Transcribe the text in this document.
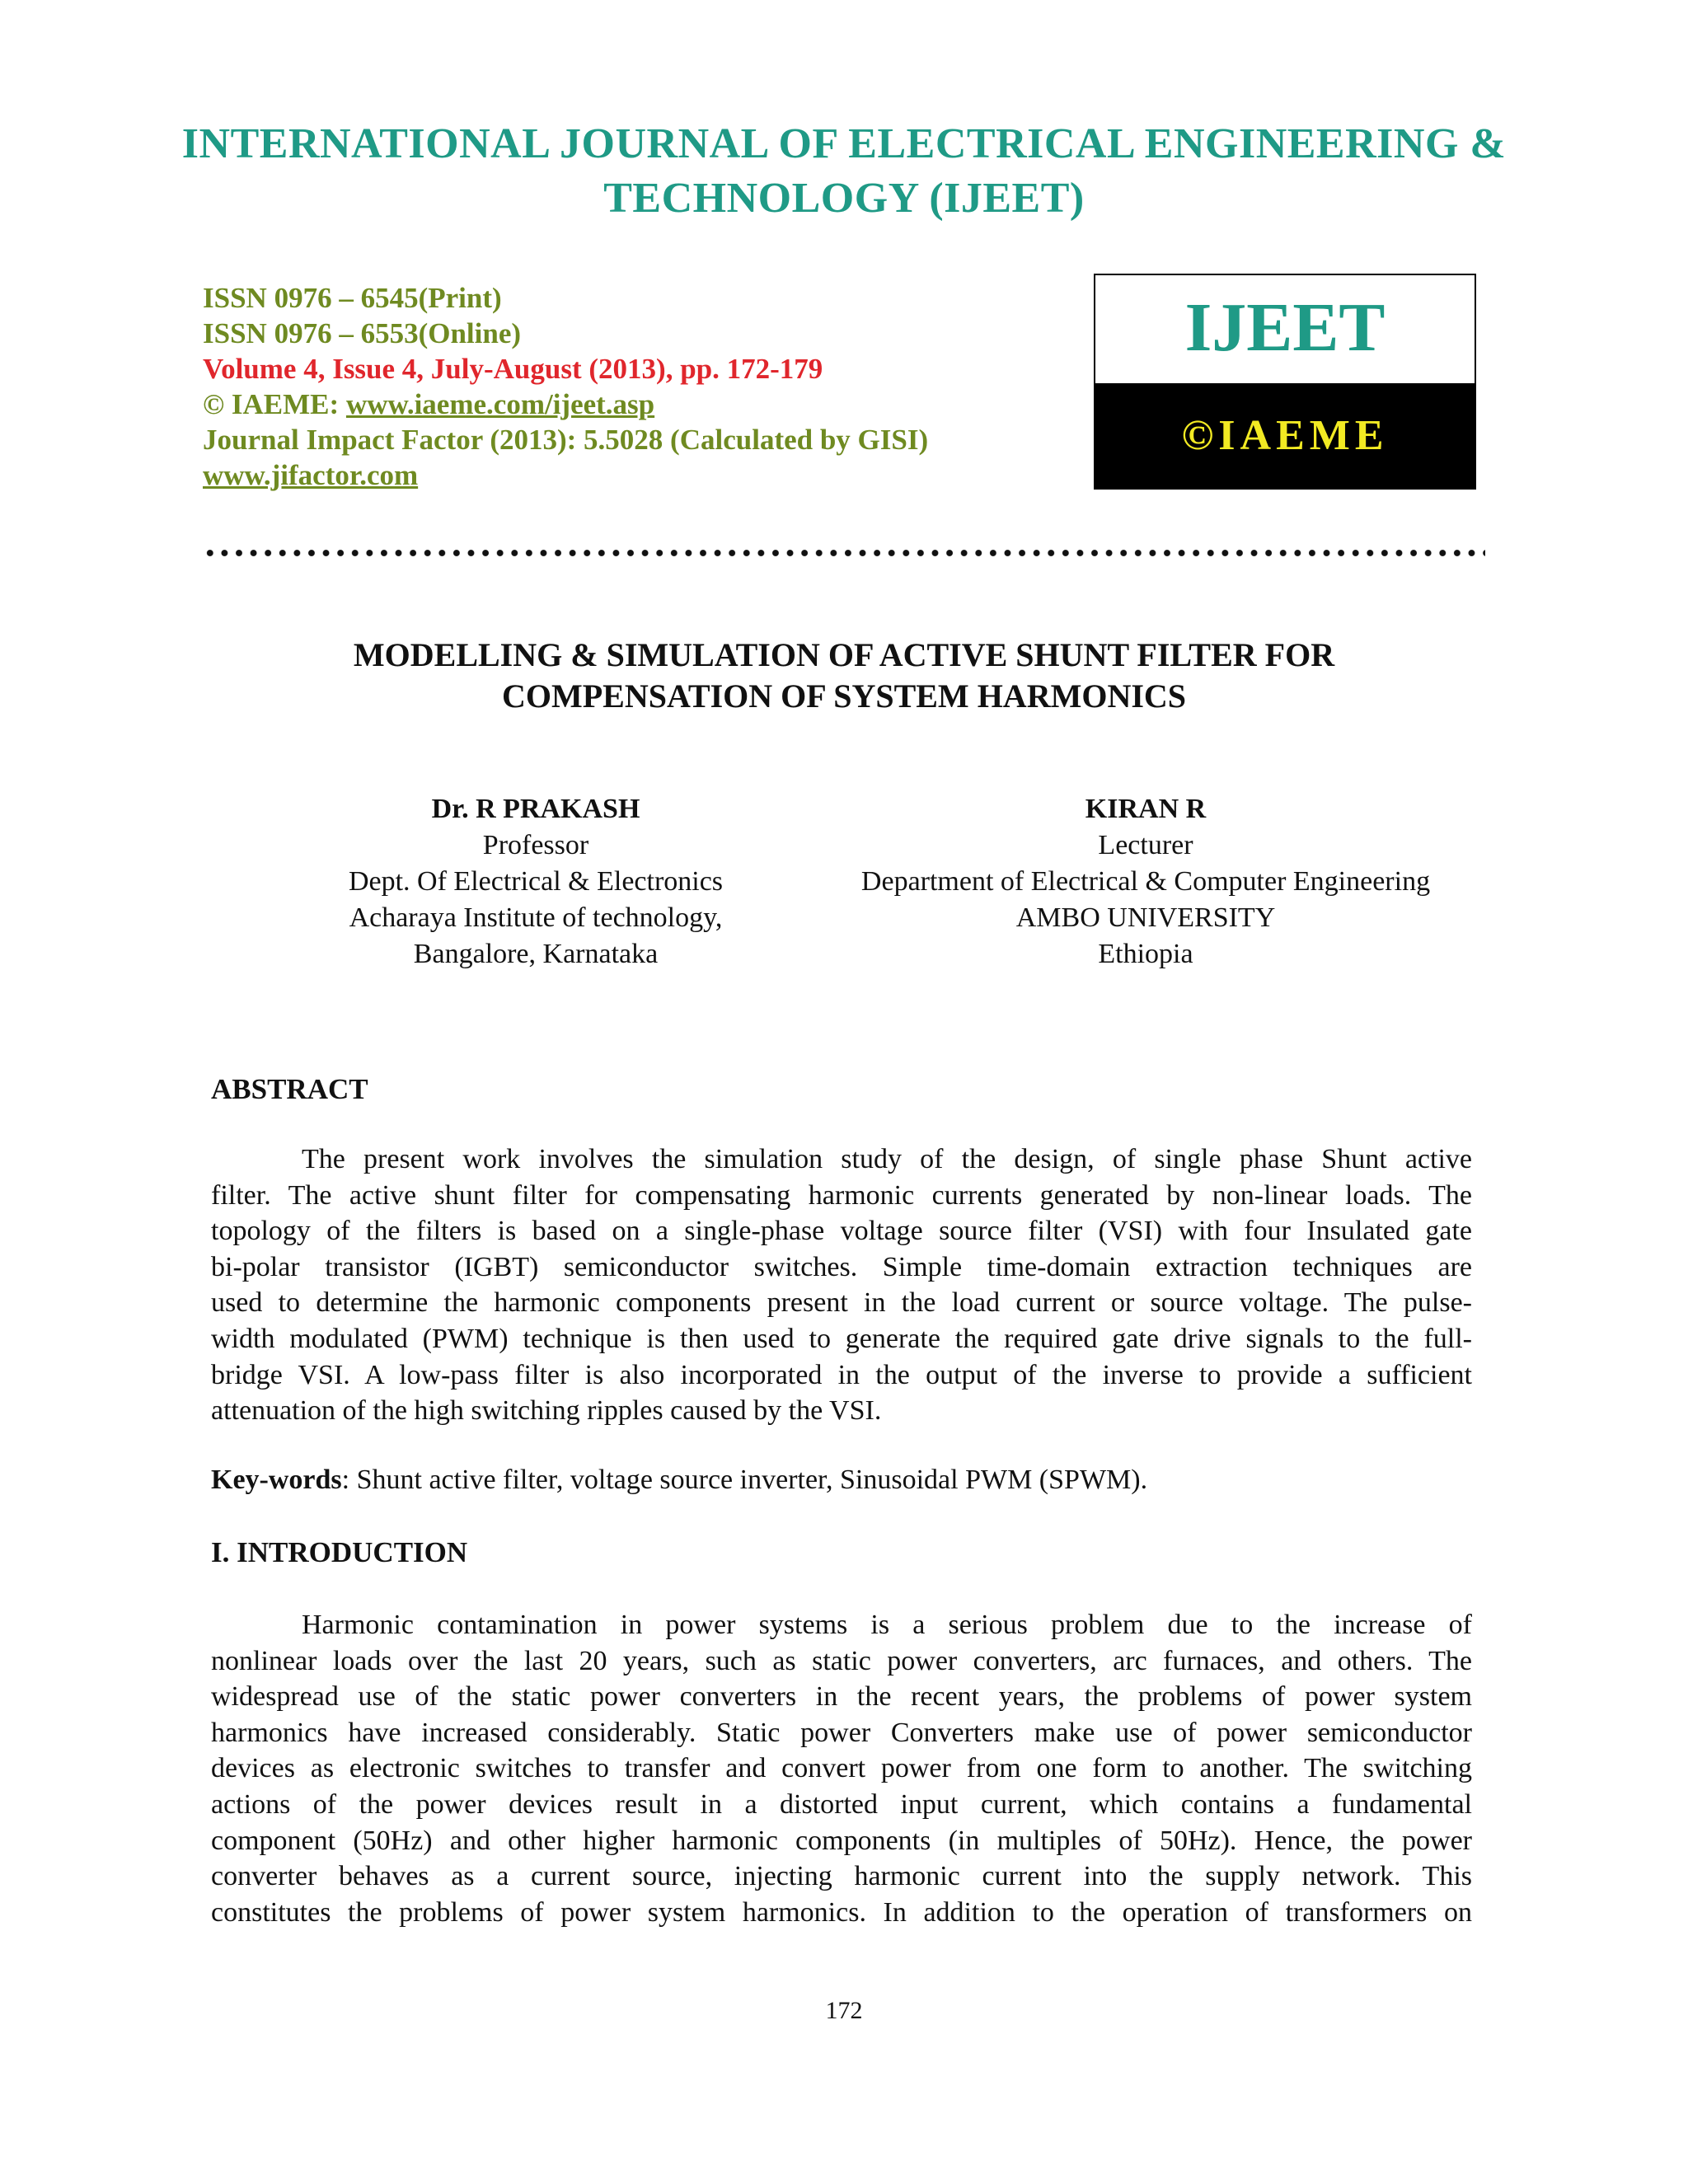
INTERNATIONAL JOURNAL OF ELECTRICAL ENGINEERING &
TECHNOLOGY (IJEET)
ISSN 0976 – 6545(Print)
ISSN 0976 – 6553(Online)
Volume 4, Issue 4, July-August (2013), pp. 172-179
© IAEME: www.iaeme.com/ijeet.asp
Journal Impact Factor (2013): 5.5028 (Calculated by GISI)
www.jifactor.com
IJEET
©IAEME
MODELLING & SIMULATION OF ACTIVE SHUNT FILTER FOR
COMPENSATION OF SYSTEM HARMONICS
Dr. R PRAKASH
Professor
Dept. Of Electrical & Electronics
Acharaya Institute of technology,
Bangalore, Karnataka
KIRAN R
Lecturer
Department of Electrical & Computer Engineering
AMBO UNIVERSITY
Ethiopia
ABSTRACT
The present work involves the simulation study of the design, of single phase Shunt active
filter. The active shunt filter for compensating harmonic currents generated by non-linear loads. The
topology of the filters is based on a single-phase voltage source filter (VSI) with four Insulated gate
bi-polar transistor (IGBT) semiconductor switches. Simple time-domain extraction techniques are
used to determine the harmonic components present in the load current or source voltage. The pulse-
width modulated (PWM) technique is then used to generate the required gate drive signals to the full-
bridge VSI. A low-pass filter is also incorporated in the output of the inverse to provide a sufficient
attenuation of the high switching ripples caused by the VSI.
Key-words: Shunt active filter, voltage source inverter, Sinusoidal PWM (SPWM).
I. INTRODUCTION
Harmonic contamination in power systems is a serious problem due to the increase of
nonlinear loads over the last 20 years, such as static power converters, arc furnaces, and others. The
widespread use of the static power converters in the recent years, the problems of power system
harmonics have increased considerably. Static power Converters make use of power semiconductor
devices as electronic switches to transfer and convert power from one form to another. The switching
actions of the power devices result in a distorted input current, which contains a fundamental
component (50Hz) and other higher harmonic components (in multiples of 50Hz). Hence, the power
converter behaves as a current source, injecting harmonic current into the supply network. This
constitutes the problems of power system harmonics. In addition to the operation of transformers on
172
